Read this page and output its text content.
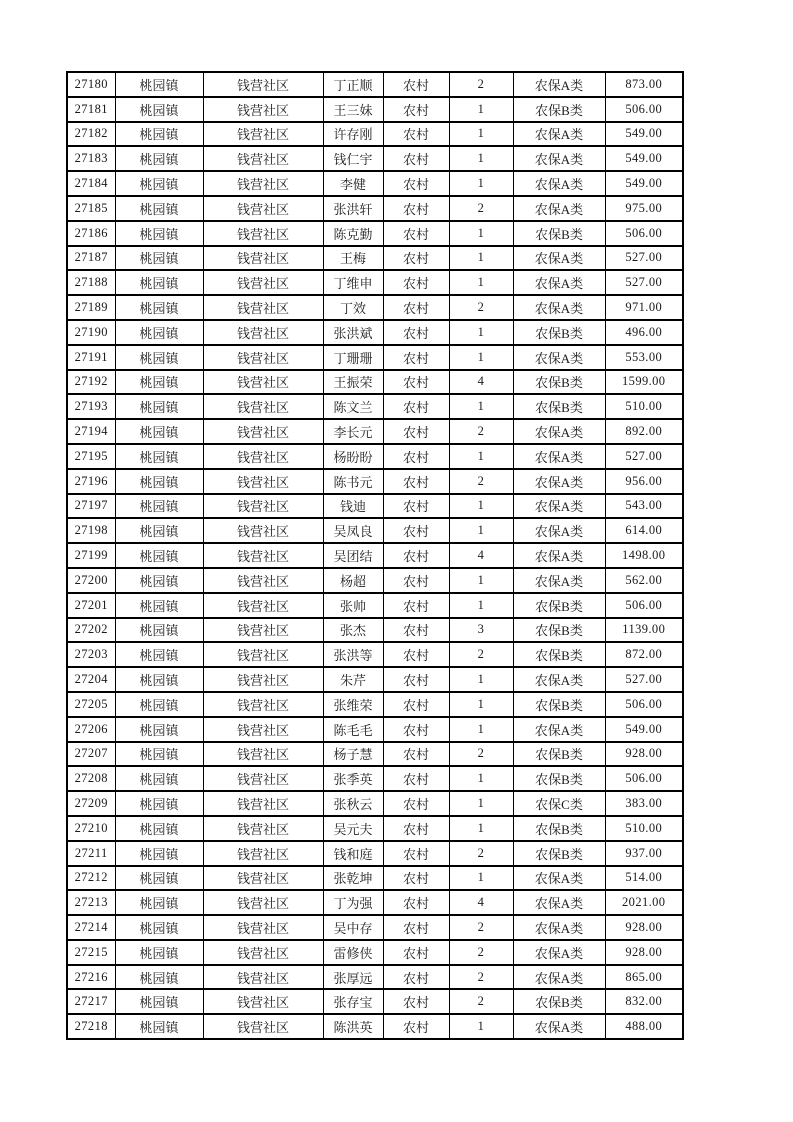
27180	桃园镇	钱营社区	丁正顺	农村	2	农保A类	873.00
27181	桃园镇	钱营社区	王三妹	农村	1	农保B类	506.00
27182	桃园镇	钱营社区	许存刚	农村	1	农保A类	549.00
27183	桃园镇	钱营社区	钱仁宇	农村	1	农保A类	549.00
27184	桃园镇	钱营社区	李健	农村	1	农保A类	549.00
27185	桃园镇	钱营社区	张洪轩	农村	2	农保A类	975.00
27186	桃园镇	钱营社区	陈克勤	农村	1	农保B类	506.00
27187	桃园镇	钱营社区	王梅	农村	1	农保A类	527.00
27188	桃园镇	钱营社区	丁维申	农村	1	农保A类	527.00
27189	桃园镇	钱营社区	丁效	农村	2	农保A类	971.00
27190	桃园镇	钱营社区	张洪斌	农村	1	农保B类	496.00
27191	桃园镇	钱营社区	丁珊珊	农村	1	农保A类	553.00
27192	桃园镇	钱营社区	王振荣	农村	4	农保B类	1599.00
27193	桃园镇	钱营社区	陈文兰	农村	1	农保B类	510.00
27194	桃园镇	钱营社区	李长元	农村	2	农保A类	892.00
27195	桃园镇	钱营社区	杨盼盼	农村	1	农保A类	527.00
27196	桃园镇	钱营社区	陈书元	农村	2	农保A类	956.00
27197	桃园镇	钱营社区	钱迪	农村	1	农保A类	543.00
27198	桃园镇	钱营社区	吴凤良	农村	1	农保A类	614.00
27199	桃园镇	钱营社区	吴团结	农村	4	农保A类	1498.00
27200	桃园镇	钱营社区	杨超	农村	1	农保A类	562.00
27201	桃园镇	钱营社区	张帅	农村	1	农保B类	506.00
27202	桃园镇	钱营社区	张杰	农村	3	农保B类	1139.00
27203	桃园镇	钱营社区	张洪等	农村	2	农保B类	872.00
27204	桃园镇	钱营社区	朱芹	农村	1	农保A类	527.00
27205	桃园镇	钱营社区	张维荣	农村	1	农保B类	506.00
27206	桃园镇	钱营社区	陈毛毛	农村	1	农保A类	549.00
27207	桃园镇	钱营社区	杨子慧	农村	2	农保B类	928.00
27208	桃园镇	钱营社区	张季英	农村	1	农保B类	506.00
27209	桃园镇	钱营社区	张秋云	农村	1	农保C类	383.00
27210	桃园镇	钱营社区	吴元夫	农村	1	农保B类	510.00
27211	桃园镇	钱营社区	钱和庭	农村	2	农保B类	937.00
27212	桃园镇	钱营社区	张乾坤	农村	1	农保A类	514.00
27213	桃园镇	钱营社区	丁为强	农村	4	农保A类	2021.00
27214	桃园镇	钱营社区	吴中存	农村	2	农保A类	928.00
27215	桃园镇	钱营社区	雷修侠	农村	2	农保A类	928.00
27216	桃园镇	钱营社区	张厚远	农村	2	农保A类	865.00
27217	桃园镇	钱营社区	张存宝	农村	2	农保B类	832.00
27218	桃园镇	钱营社区	陈洪英	农村	1	农保A类	488.00
